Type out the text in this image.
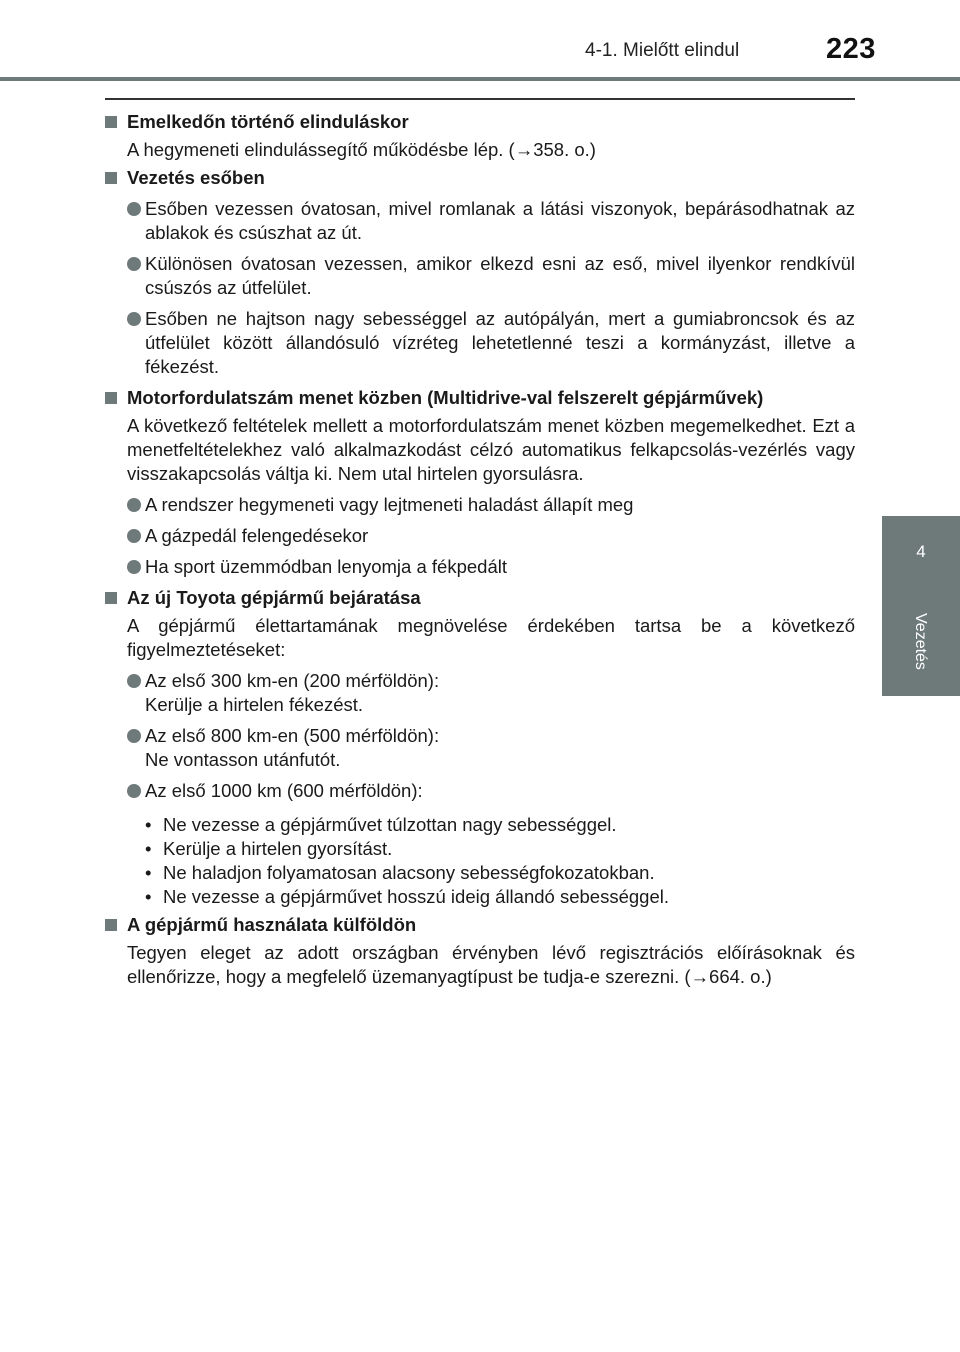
4-1. Mielőtt elindul	223
4
Vezetés
Emelkedőn történő elinduláskor
A hegymeneti elindulássegítő működésbe lép. (→358. o.)
Vezetés esőben
Esőben vezessen óvatosan, mivel romlanak a látási viszonyok, bepárásodhatnak az ablakok és csúszhat az út.
Különösen óvatosan vezessen, amikor elkezd esni az eső, mivel ilyenkor rendkívül csúszós az útfelület.
Esőben ne hajtson nagy sebességgel az autópályán, mert a gumiabroncsok és az útfelület között állandósuló vízréteg lehetetlenné teszi a kormányzást, illetve a fékezést.
Motorfordulatszám menet közben (Multidrive-val felszerelt gépjárművek)
A következő feltételek mellett a motorfordulatszám menet közben megemelkedhet. Ezt a menetfeltételekhez való alkalmazkodást célzó automatikus felkapcsolás-vezérlés vagy visszakapcsolás váltja ki. Nem utal hirtelen gyorsulásra.
A rendszer hegymeneti vagy lejtmeneti haladást állapít meg
A gázpedál felengedésekor
Ha sport üzemmódban lenyomja a fékpedált
Az új Toyota gépjármű bejáratása
A gépjármű élettartamának megnövelése érdekében tartsa be a következő figyelmeztetéseket:
Az első 300 km-en (200 mérföldön):
Kerülje a hirtelen fékezést.
Az első 800 km-en (500 mérföldön):
Ne vontasson utánfutót.
Az első 1000 km (600 mérföldön):
• Ne vezesse a gépjárművet túlzottan nagy sebességgel.
• Kerülje a hirtelen gyorsítást.
• Ne haladjon folyamatosan alacsony sebességfokozatokban.
• Ne vezesse a gépjárművet hosszú ideig állandó sebességgel.
A gépjármű használata külföldön
Tegyen eleget az adott országban érvényben lévő regisztrációs előírásoknak és ellenőrizze, hogy a megfelelő üzemanyagtípust be tudja-e szerezni. (→664. o.)
